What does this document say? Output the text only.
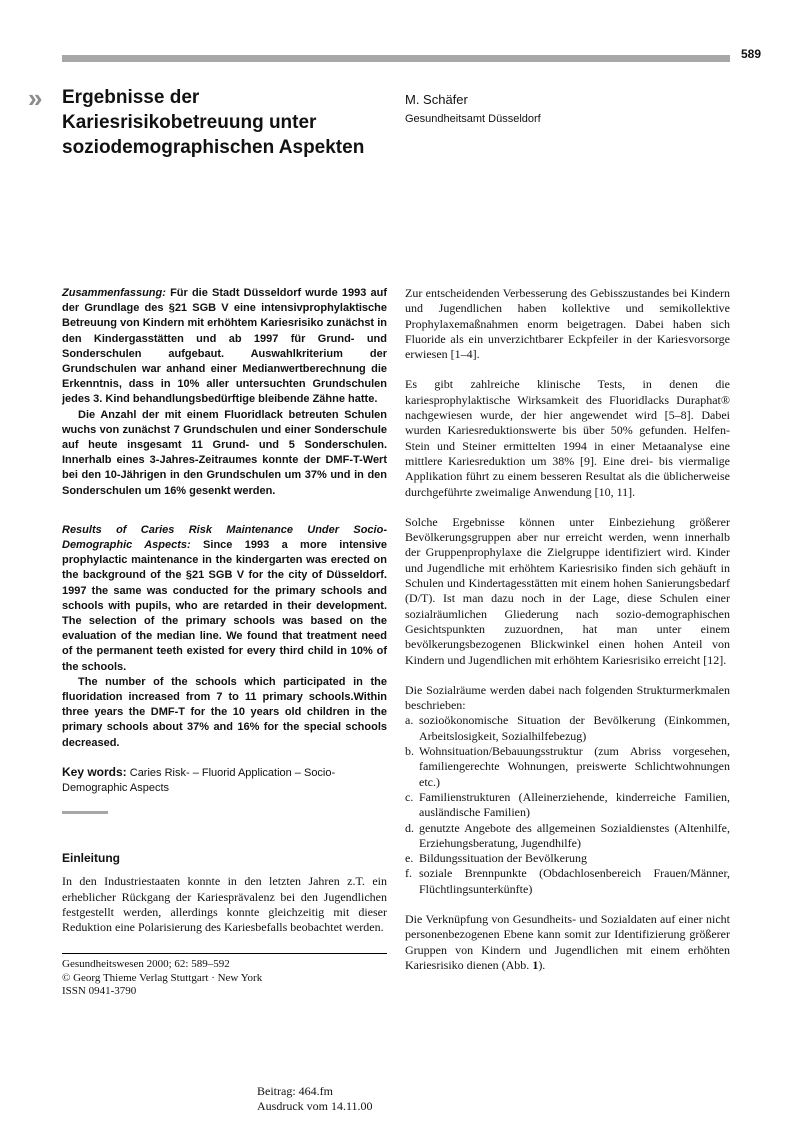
589
» Ergebnisse der
Kariesrisikobetreuung unter
soziodemographischen Aspekten
M. Schäfer
Gesundheitsamt Düsseldorf

Zusammenfassung: Für die Stadt Düsseldorf wurde 1993 auf der Grundlage des §21 SGB V eine intensivprophylaktische Betreuung von Kindern mit erhöhtem Kariesrisiko zunächst in den Kindergasstätten und ab 1997 für Grund- und Sonderschulen aufgebaut. Auswahlkriterium der Grundschulen war anhand einer Medianwertberechnung die Erkenntnis, dass in 10% aller untersuchten Grundschulen jedes 3. Kind behandlungsbedürftige bleibende Zähne hatte.

Die Anzahl der mit einem Fluoridlack betreuten Schulen wuchs von zunächst 7 Grundschulen und einer Sonderschule auf heute insgesamt 11 Grund- und 5 Sonderschulen. Innerhalb eines 3-Jahres-Zeitraumes konnte der DMF-T-Wert bei den 10-Jährigen in den Grundschulen um 37% und in den Sonderschulen um 16% gesenkt werden.

Results of Caries Risk Maintenance Under Socio-Demographic Aspects: Since 1993 a more intensive prophylactic maintenance in the kindergarten was erected on the background of the §21 SGB V for the city of Düsseldorf. 1997 the same was conducted for the primary schools and schools with pupils, who are retarded in their development. The selection of the primary schools was based on the evaluation of the median line. We found that treatment need of the permanent teeth existed for every third child in 10% of the schools.

The number of the schools which participated in the fluoridation increased from 7 to 11 primary schools.Within three years the DMF-T for the 10 years old children in the primary schools about 37% and 16% for the special schools decreased.

Key words: Caries Risk- – Fluorid Application – Socio-Demographic Aspects
Einleitung
In den Industriestaaten konnte in den letzten Jahren z.T. ein erheblicher Rückgang der Kariesprävalenz bei den Jugendlichen festgestellt werden, allerdings konnte gleichzeitig mit dieser Reduktion eine Polarisierung des Kariesbefalls beobachtet werden.

Zur entscheidenden Verbesserung des Gebisszustandes bei Kindern und Jugendlichen haben kollektive und semikollektive Prophylaxemaßnahmen enorm beigetragen. Dabei haben sich Fluoride als ein unverzichtbarer Eckpfeiler in der Kariesvorsorge erwiesen [1–4].

Es gibt zahlreiche klinische Tests, in denen die kariesprophylaktische Wirksamkeit des Fluoridlacks Duraphat® nachgewiesen wurde, der hier angewendet wird [5–8]. Dabei wurden Kariesreduktionswerte bis über 50% gefunden. Helfen-Stein und Steiner ermittelten 1994 in einer Metaanalyse eine mittlere Kariesreduktion um 38% [9]. Eine drei- bis viermalige Applikation führt zu einem besseren Resultat als die üblicherweise durchgeführte zweimalige Anwendung [10, 11].

Solche Ergebnisse können unter Einbeziehung größerer Bevölkerungsgruppen aber nur erreicht werden, wenn innerhalb der Gruppenprophylaxe die Zielgruppe identifiziert wird. Kinder und Jugendliche mit erhöhtem Kariesrisiko finden sich gehäuft in Schulen und Kindertagesstätten mit einem hohen Sanierungsbedarf (D/T). Ist man dazu noch in der Lage, diese Schulen einer sozialräumlichen Gliederung nach sozio-demographischen Gesichtspunkten zuzuordnen, hat man unter einem bevölkerungsbezogenen Blickwinkel einen hohen Anteil von Kindern und Jugendlichen mit erhöhtem Kariesrisiko erreicht [12].

Die Sozialräume werden dabei nach folgenden Strukturmerkmalen beschrieben:

a. sozioökonomische Situation der Bevölkerung (Einkommen, Arbeitslosigkeit, Sozialhilfebezug)
b. Wohnsituation/Bebauungsstruktur (zum Abriss vorgesehen, familiengerechte Wohnungen, preiswerte Schlichtwohnungen etc.)
c. Familienstrukturen (Alleinerziehende, kinderreiche Familien, ausländische Familien)
d. genutzte Angebote des allgemeinen Sozialdienstes (Altenhilfe, Erziehungsberatung, Jugendhilfe)
e. Bildungssituation der Bevölkerung
f. soziale Brennpunkte (Obdachlosenbereich Frauen/Männer, Flüchtlingsunterkünfte)

Die Verknüpfung von Gesundheits- und Sozialdaten auf einer nicht personenbezogenen Ebene kann somit zur Identifizierung größerer Gruppen von Kindern und Jugendlichen mit einem erhöhten Kariesrisiko dienen (Abb. 1).

Gesundheitswesen 2000; 62: 589–592
© Georg Thieme Verlag Stuttgart · New York
ISSN 0941-3790
Beitrag: 464.fm
Ausdruck vom 14.11.00
